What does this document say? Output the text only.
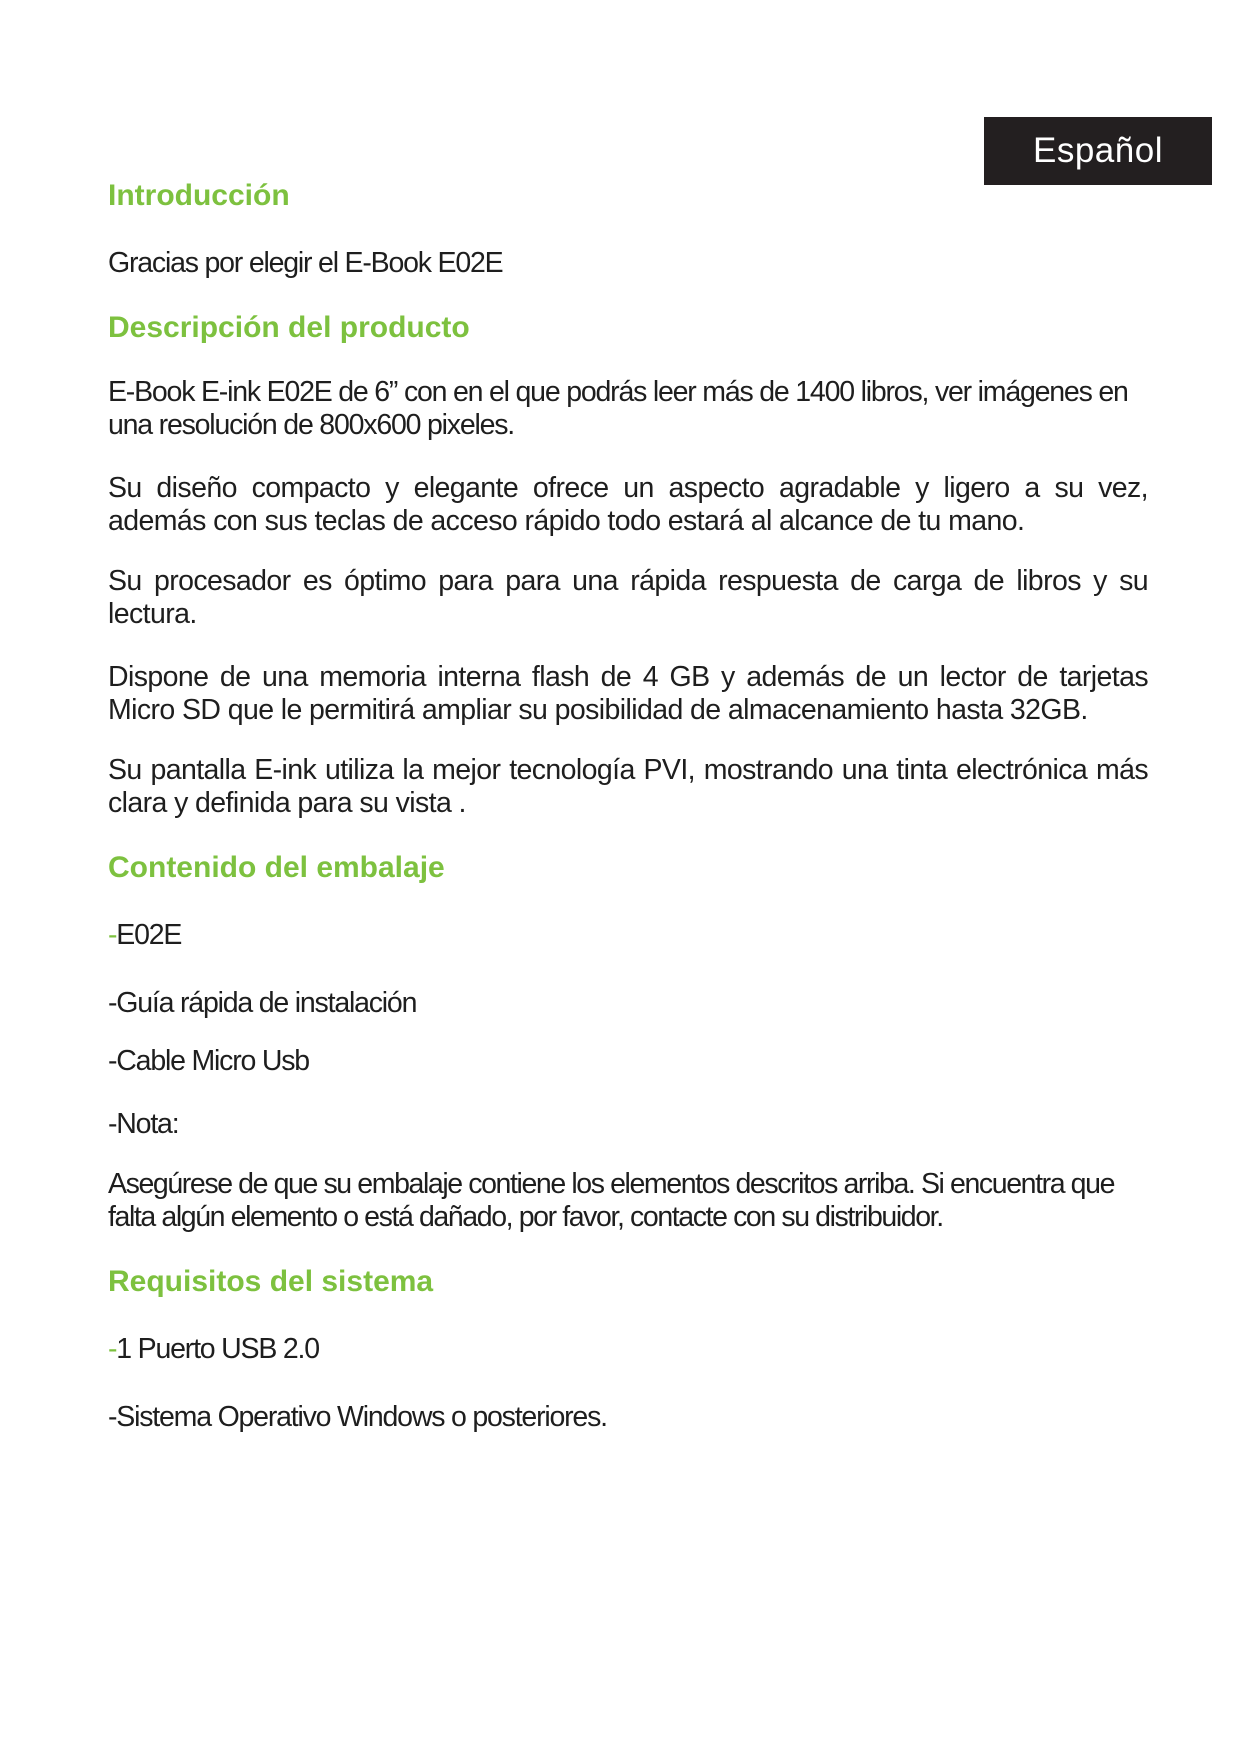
Español
Introducción

Gracias por elegir el E-Book E02E

Descripción del producto

E-Book E-ink E02E de 6” con en el que podrás leer más de 1400 libros, ver imágenes en una resolución de 800x600 pixeles.

Su diseño compacto y elegante ofrece un aspecto agradable y ligero a su vez, además con sus teclas de acceso rápido todo estará al alcance de tu mano.

Su procesador es óptimo para para una rápida respuesta de carga de libros y su lectura.

Dispone de una memoria interna flash de 4 GB y además de un lector de tarjetas Micro SD que le permitirá ampliar su posibilidad de almacenamiento hasta 32GB.

Su pantalla E-ink utiliza la mejor tecnología PVI, mostrando una tinta electrónica más clara y definida para su vista .

Contenido del embalaje

-E02E

-Guía rápida de instalación

-Cable Micro Usb

-Nota:

Asegúrese de que su embalaje contiene los elementos descritos arriba. Si encuentra que falta algún elemento o está dañado, por favor, contacte con su distribuidor.

Requisitos del sistema

-1 Puerto USB 2.0

-Sistema Operativo Windows o posteriores.
